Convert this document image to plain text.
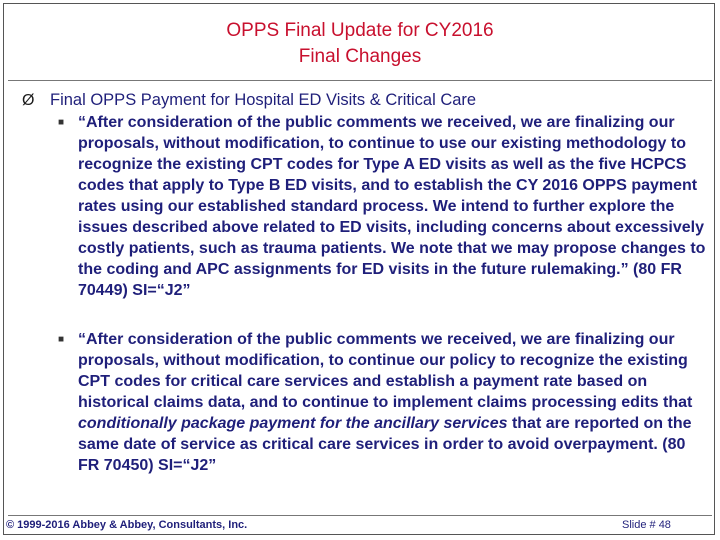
OPPS Final Update for CY2016
Final Changes
Ø Final OPPS Payment for Hospital ED Visits & Critical Care
■ “After consideration of the public comments we received, we are finalizing our proposals, without modification, to continue to use our existing methodology to recognize the existing CPT codes for Type A ED visits as well as the five HCPCS codes that apply to Type B ED visits, and to establish the CY 2016 OPPS payment rates using our established standard process. We intend to further explore the issues described above related to ED visits, including concerns about excessively costly patients, such as trauma patients. We note that we may propose changes to the coding and APC assignments for ED visits in the future rulemaking.” (80 FR 70449) SI=“J2”
■ “After consideration of the public comments we received, we are finalizing our proposals, without modification, to continue our policy to recognize the existing CPT codes for critical care services and establish a payment rate based on historical claims data, and to continue to implement claims processing edits that conditionally package payment for the ancillary services that are reported on the same date of service as critical care services in order to avoid overpayment. (80 FR 70450) SI=“J2”
© 1999-2016 Abbey & Abbey, Consultants, Inc.	Slide # 48
